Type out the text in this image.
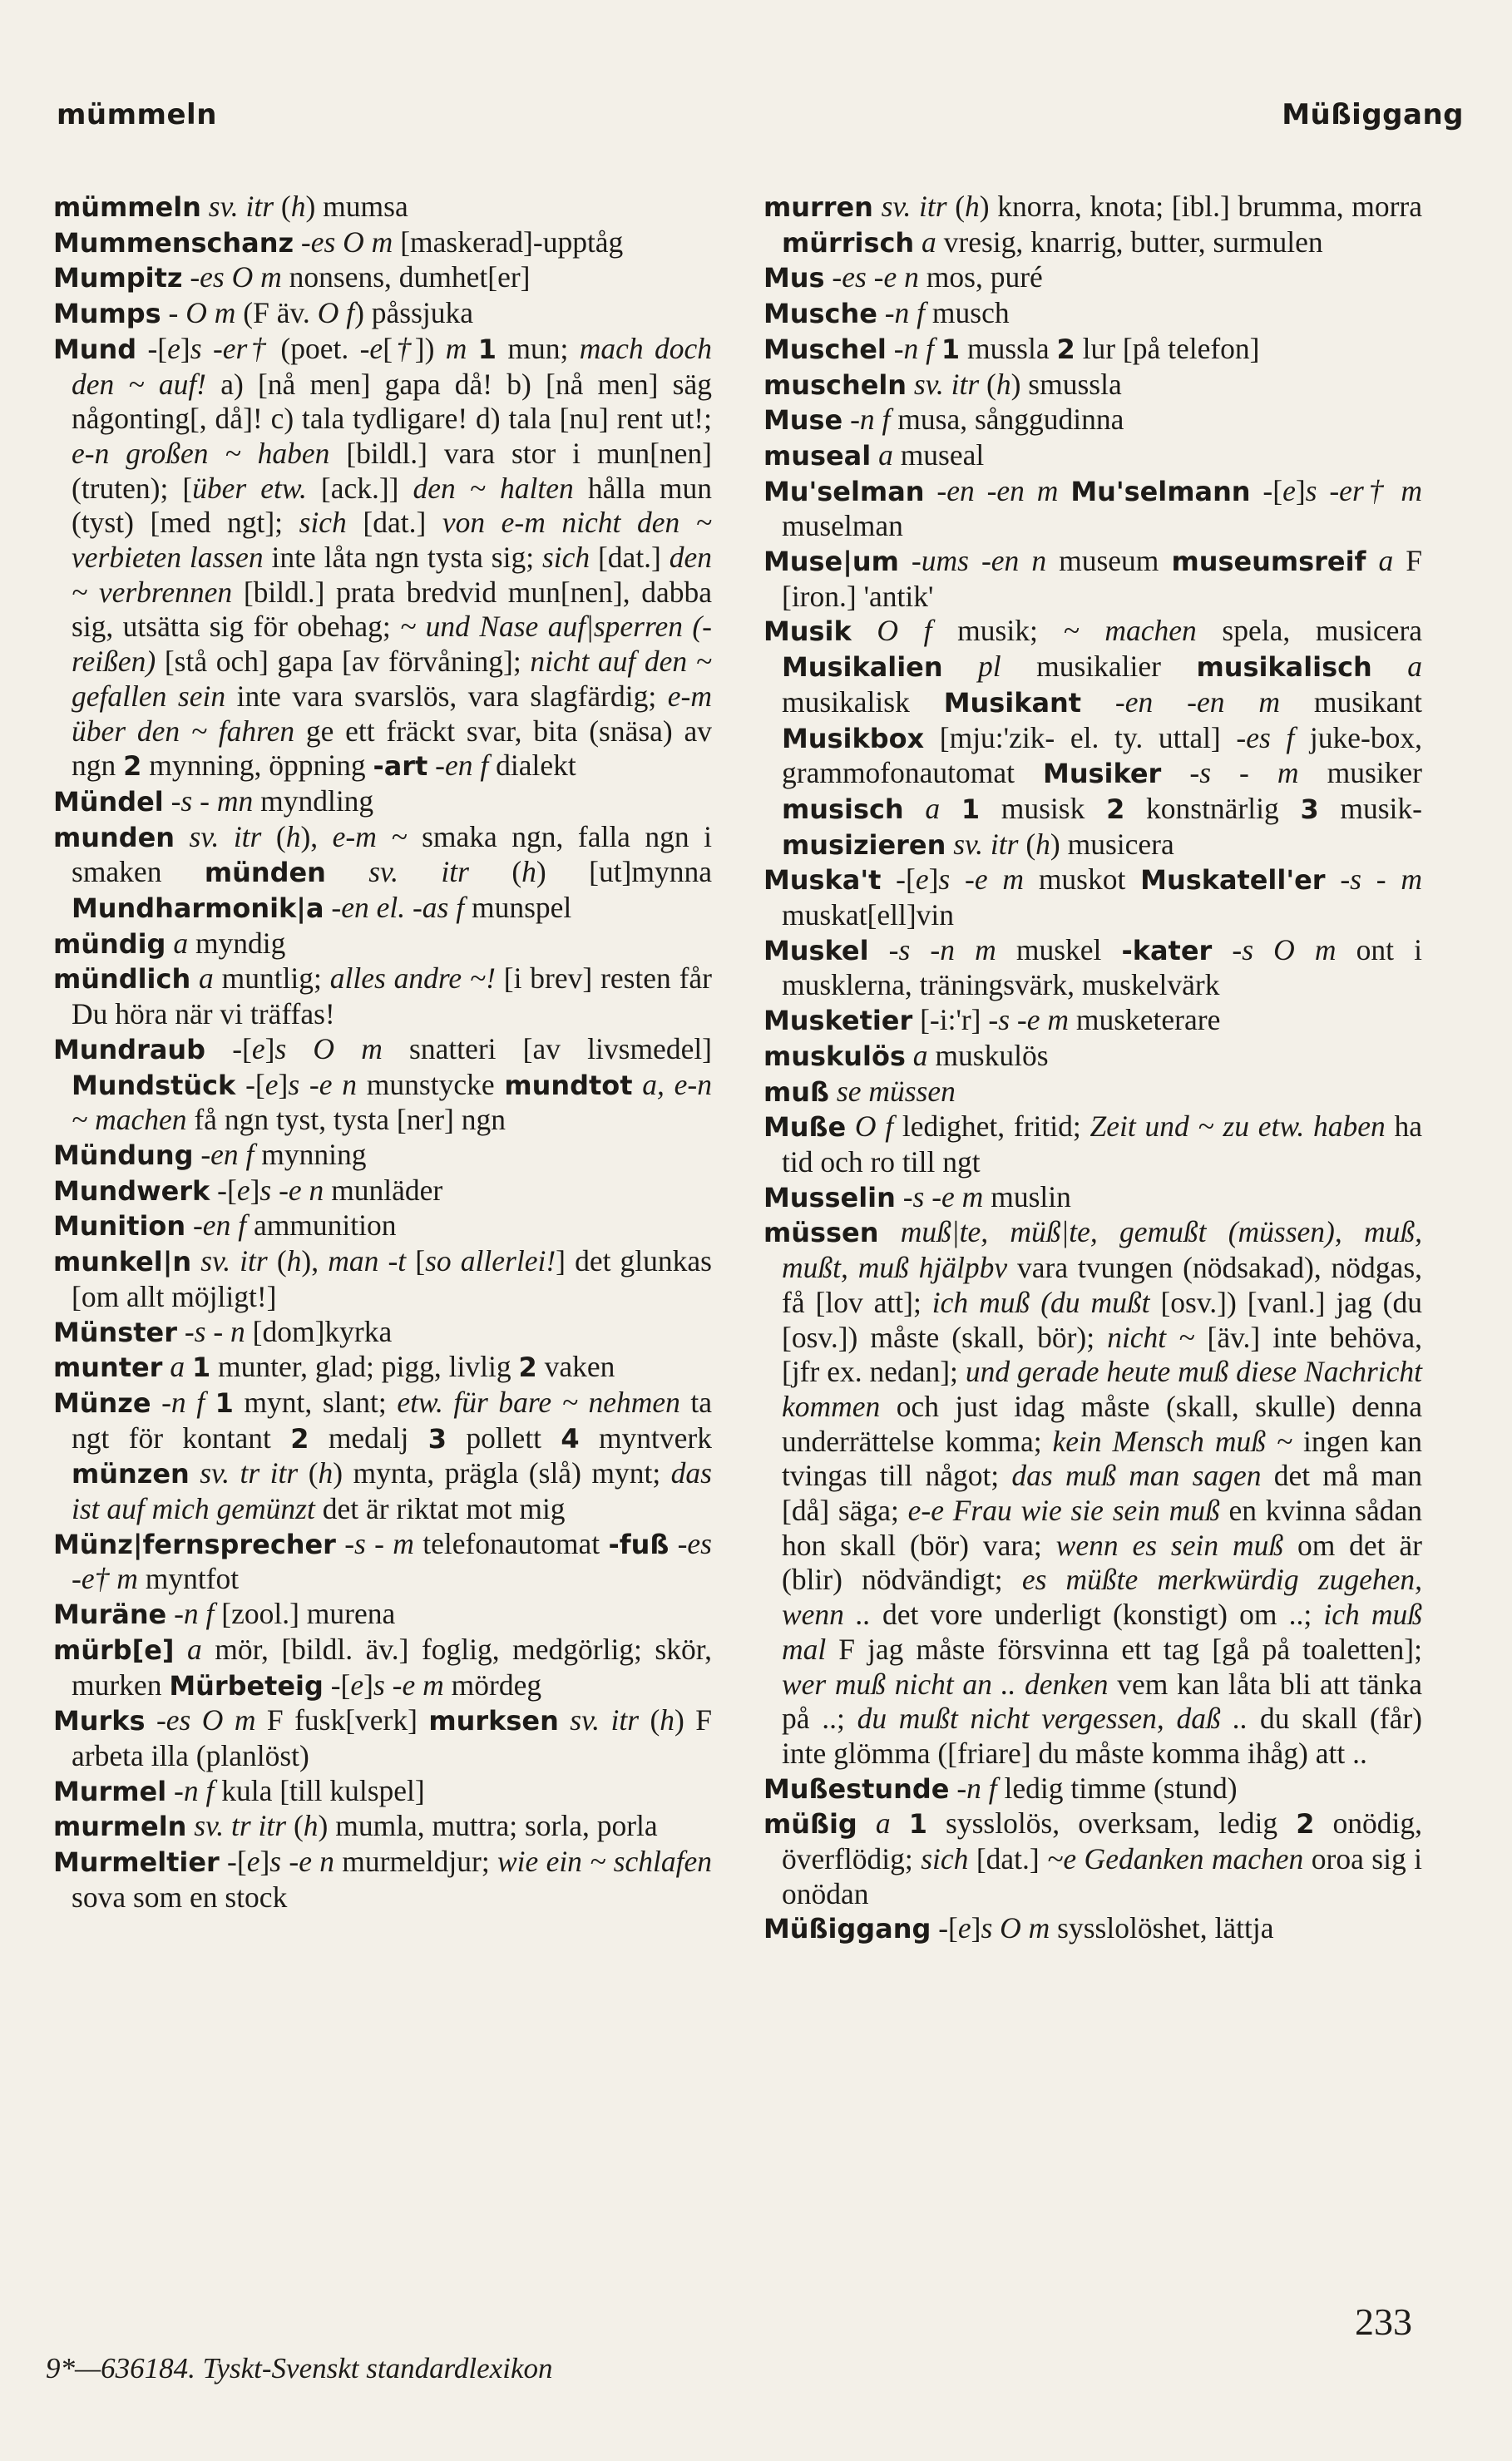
mümmeln	Müßiggang

mümmeln sv. itr (h) mumsa

Mummenschanz -es O m [maskerad]-upptåg

Mumpitz -es O m nonsens, dumhet[er]

Mumps - O m (F äv. O f) påssjuka

Mund -[e]s -er† (poet. -e[†]) m 1 mun; mach doch den ~ auf! a) [nå men] gapa då! b) [nå men] säg någonting[, då]! c) tala tydligare! d) tala [nu] rent ut!; e-n großen ~ haben [bildl.] vara stor i mun[nen] (truten); [über etw. [ack.]] den ~ halten hålla mun (tyst) [med ngt]; sich [dat.] von e-m nicht den ~ verbieten lassen inte låta ngn tysta sig; sich [dat.] den ~ verbrennen [bildl.] prata bredvid mun[nen], dabba sig, utsätta sig för obehag; ~ und Nase auf|sperren (-reißen) [stå och] gapa [av förvåning]; nicht auf den ~ gefallen sein inte vara svarslös, vara slagfärdig; e-m über den ~ fahren ge ett fräckt svar, bita (snäsa) av ngn 2 mynning, öppning -art -en f dialekt

Mündel -s - mn myndling

munden sv. itr (h), e-m ~ smaka ngn, falla ngn i smaken münden sv. itr (h) [ut]mynna Mundharmonik|a -en el. -as f munspel

mündig a myndig

mündlich a muntlig; alles andre ~! [i brev] resten får Du höra när vi träffas!

Mundraub -[e]s O m snatteri [av livsmedel] Mundstück -[e]s -e n munstycke mundtot a, e-n ~ machen få ngn tyst, tysta [ner] ngn

Mündung -en f mynning

Mundwerk -[e]s -e n munläder

Munition -en f ammunition

munkel|n sv. itr (h), man -t [so allerlei!] det glunkas [om allt möjligt!]

Münster -s - n [dom]kyrka

munter a 1 munter, glad; pigg, livlig 2 vaken

Münze -n f 1 mynt, slant; etw. für bare ~ nehmen ta ngt för kontant 2 medalj 3 pollett 4 myntverk münzen sv. tr itr (h) mynta, prägla (slå) mynt; das ist auf mich gemünzt det är riktat mot mig

Münz|fernsprecher -s - m telefonautomat -fuß -es -e† m myntfot

Muräne -n f [zool.] murena

mürb[e] a mör, [bildl. äv.] foglig, medgörlig; skör, murken Mürbeteig -[e]s -e m mördeg

Murks -es O m F fusk[verk] murksen sv. itr (h) F arbeta illa (planlöst)

Murmel -n f kula [till kulspel]

murmeln sv. tr itr (h) mumla, muttra; sorla, porla

Murmeltier -[e]s -e n murmeldjur; wie ein ~ schlafen sova som en stock

murren sv. itr (h) knorra, knota; [ibl.] brumma, morra mürrisch a vresig, knarrig, butter, surmulen

Mus -es -e n mos, puré

Musche -n f musch

Muschel -n f 1 mussla 2 lur [på telefon]

muscheln sv. itr (h) smussla

Muse -n f musa, sånggudinna

museal a museal

Mu'selman -en -en m Mu'selmann -[e]s -er† m muselman

Muse|um -ums -en n museum museumsreif a F [iron.] 'antik'

Musik O f musik; ~ machen spela, musicera Musikalien pl musikalier musikalisch a musikalisk Musikant -en -en m musikant Musikbox [mju:'zik- el. ty. uttal] -es f juke-box, grammofonautomat Musiker -s - m musiker musisch a 1 musisk 2 konstnärlig 3 musik- musizieren sv. itr (h) musicera

Muska't -[e]s -e m muskot Muskatell'er -s - m muskat[ell]vin

Muskel -s -n m muskel -kater -s O m ont i musklerna, träningsvärk, muskelvärk

Musketier [-i:'r] -s -e m musketerare

muskulös a muskulös

muß se müssen

Muße O f ledighet, fritid; Zeit und ~ zu etw. haben ha tid och ro till ngt

Musselin -s -e m muslin

müssen muß|te, müß|te, gemußt (müssen), muß, mußt, muß hjälpbv vara tvungen (nödsakad), nödgas, få [lov att]; ich muß (du mußt [osv.]) [vanl.] jag (du [osv.]) måste (skall, bör); nicht ~ [äv.] inte behöva, [jfr ex. nedan]; und gerade heute muß diese Nachricht kommen och just idag måste (skall, skulle) denna underrättelse komma; kein Mensch muß ~ ingen kan tvingas till något; das muß man sagen det må man [då] säga; e-e Frau wie sie sein muß en kvinna sådan hon skall (bör) vara; wenn es sein muß om det är (blir) nödvändigt; es müßte merkwürdig zugehen, wenn .. det vore underligt (konstigt) om ..; ich muß mal F jag måste försvinna ett tag [gå på toaletten]; wer muß nicht an .. denken vem kan låta bli att tänka på ..; du mußt nicht vergessen, daß .. du skall (får) inte glömma ([friare] du måste komma ihåg) att ..

Mußestunde -n f ledig timme (stund)

müßig a 1 sysslolös, overksam, ledig 2 onödig, överflödig; sich [dat.] ~e Gedanken machen oroa sig i onödan

Müßiggang -[e]s O m sysslolöshet, lättja

233
9*—636184. Tyskt-Svenskt standardlexikon
